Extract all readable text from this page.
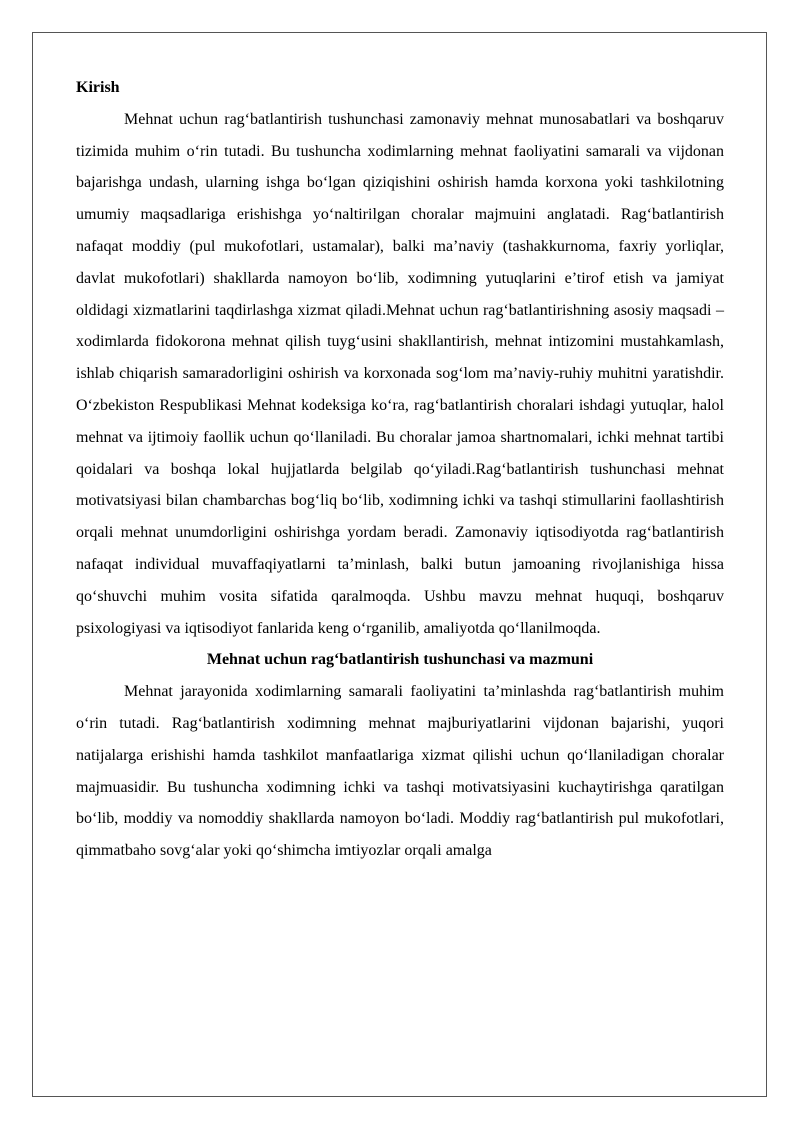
Kirish

Mehnat uchun rag‘batlantirish tushunchasi zamonaviy mehnat munosabatlari va boshqaruv tizimida muhim o‘rin tutadi. Bu tushuncha xodimlarning mehnat faoliyatini samarali va vijdonan bajarishga undash, ularning ishga bo‘lgan qiziqishini oshirish hamda korxona yoki tashkilotning umumiy maqsadlariga erishishga yo‘naltirilgan choralar majmuini anglatadi. Rag‘batlantirish nafaqat moddiy (pul mukofotlari, ustamalar), balki ma’naviy (tashakkurnoma, faxriy yorliqlar, davlat mukofotlari) shakllarda namoyon bo‘lib, xodimning yutuqlarini e’tirof etish va jamiyat oldidagi xizmatlarini taqdirlashga xizmat qiladi.Mehnat uchun rag‘batlantirishning asosiy maqsadi – xodimlarda fidokorona mehnat qilish tuyg‘usini shakllantirish, mehnat intizomini mustahkamlash, ishlab chiqarish samaradorligini oshirish va korxonada sog‘lom ma’naviy-ruhiy muhitni yaratishdir. O‘zbekiston Respublikasi Mehnat kodeksiga ko‘ra, rag‘batlantirish choralari ishdagi yutuqlar, halol mehnat va ijtimoiy faollik uchun qo‘llaniladi. Bu choralar jamoa shartnomalari, ichki mehnat tartibi qoidalari va boshqa lokal hujjatlarda belgilab qo‘yiladi.Rag‘batlantirish tushunchasi mehnat motivatsiyasi bilan chambarchas bog‘liq bo‘lib, xodimning ichki va tashqi stimullarini faollashtirish orqali mehnat unumdorligini oshirishga yordam beradi. Zamonaviy iqtisodiyotda rag‘batlantirish nafaqat individual muvaffaqiyatlarni ta’minlash, balki butun jamoaning rivojlanishiga hissa qo‘shuvchi muhim vosita sifatida qaralmoqda. Ushbu mavzu mehnat huquqi, boshqaruv psixologiyasi va iqtisodiyot fanlarida keng o‘rganilib, amaliyotda qo‘llanilmoqda.

Mehnat uchun rag‘batlantirish tushunchasi va mazmuni

Mehnat jarayonida xodimlarning samarali faoliyatini ta’minlashda rag‘batlantirish muhim o‘rin tutadi. Rag‘batlantirish xodimning mehnat majburiyatlarini vijdonan bajarishi, yuqori natijalarga erishishi hamda tashkilot manfaatlariga xizmat qilishi uchun qo‘llaniladigan choralar majmuasidir. Bu tushuncha xodimning ichki va tashqi motivatsiyasini kuchaytirishga qaratilgan bo‘lib, moddiy va nomoddiy shakllarda namoyon bo‘ladi. Moddiy rag‘batlantirish pul mukofotlari, qimmatbaho sovg‘alar yoki qo‘shimcha imtiyozlar orqali amalga
